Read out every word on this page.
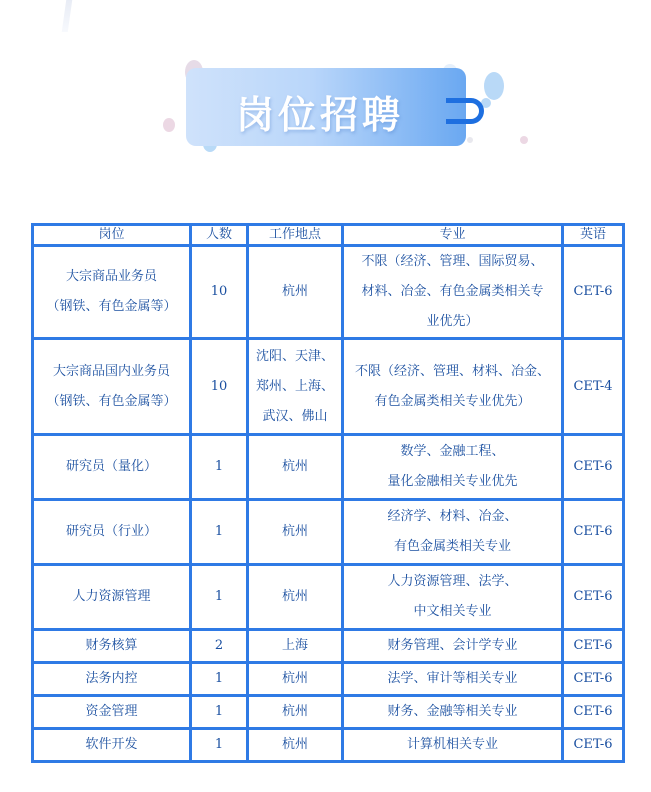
岗位招聘
岗位	人数	工作地点	专业	英语

大宗商品业务员
（钢铁、有色金属等）	10	杭州	不限（经济、管理、国际贸易、
材料、冶金、有色金属类相关专
业优先）	CET-6

大宗商品国内业务员
（钢铁、有色金属等）	10	沈阳、天津、
郑州、上海、
武汉、佛山	不限（经济、管理、材料、冶金、
有色金属类相关专业优先）	CET-4

研究员（量化）	1	杭州	数学、金融工程、
量化金融相关专业优先	CET-6

研究员（行业）	1	杭州	经济学、材料、冶金、
有色金属类相关专业	CET-6

人力资源管理	1	杭州	人力资源管理、法学、
中文相关专业	CET-6

财务核算	2	上海	财务管理、会计学专业	CET-6

法务内控	1	杭州	法学、审计等相关专业	CET-6

资金管理	1	杭州	财务、金融等相关专业	CET-6

软件开发	1	杭州	计算机相关专业	CET-6
